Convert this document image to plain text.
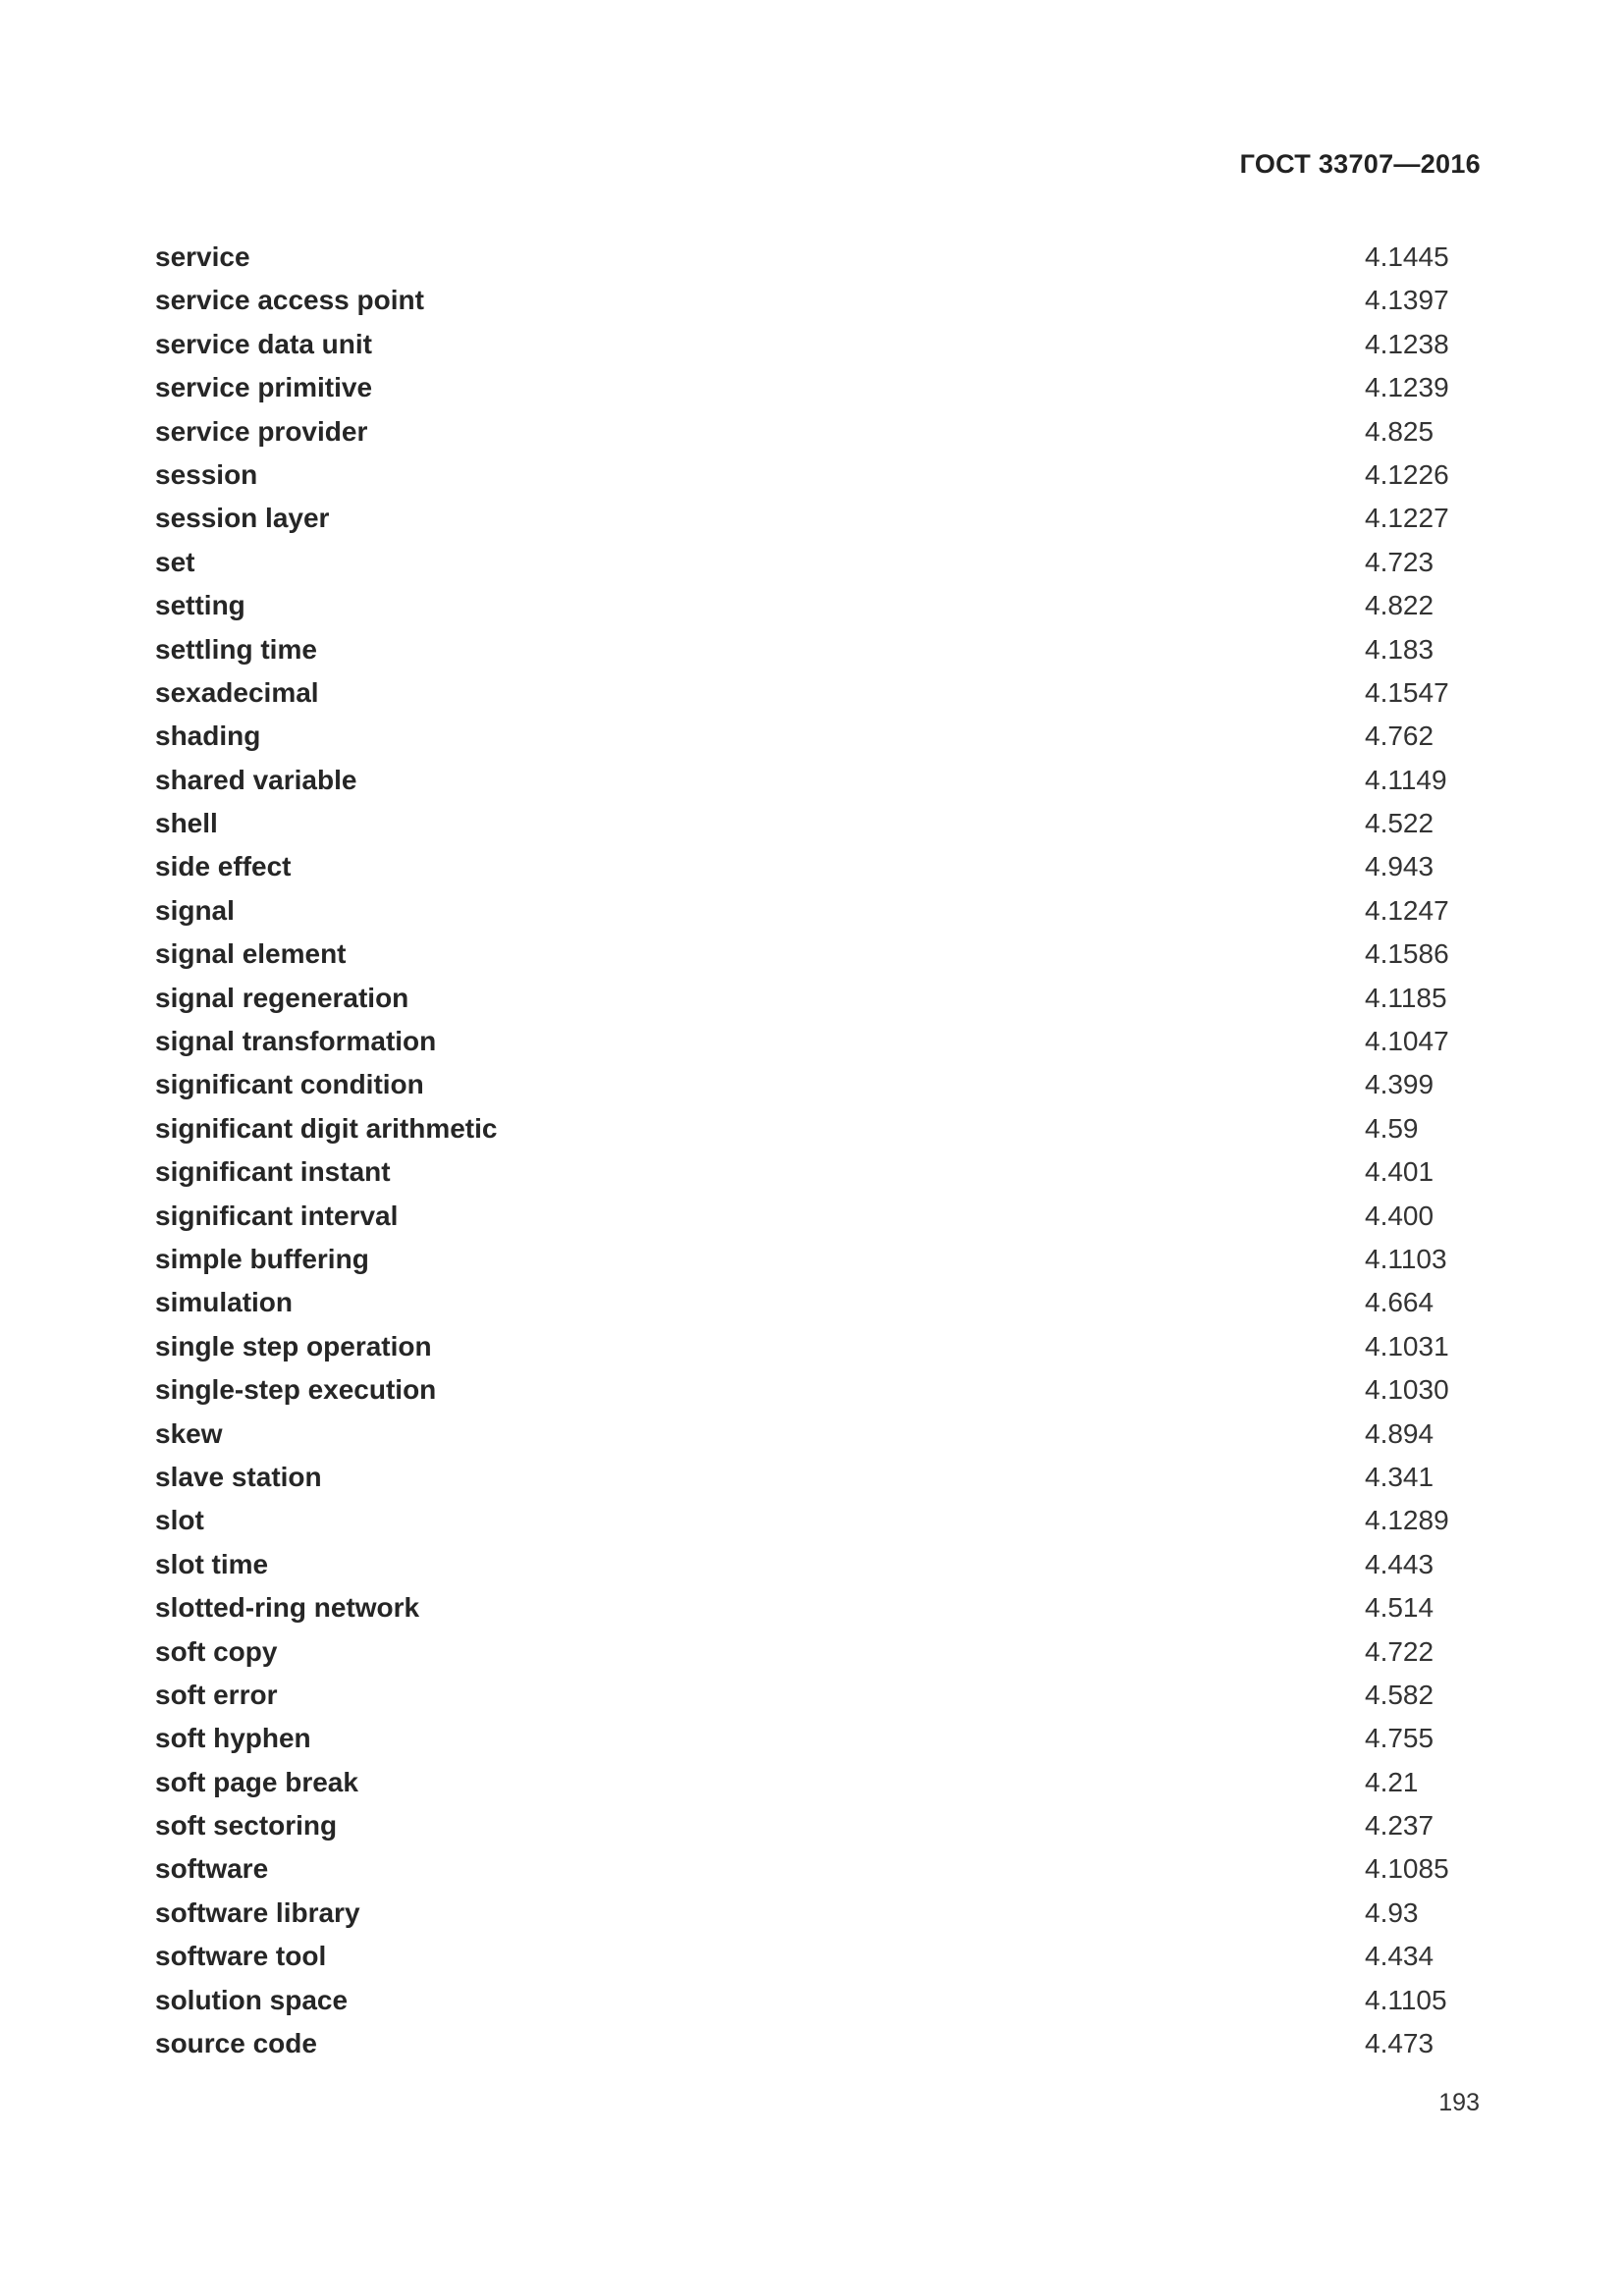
ГОСТ 33707—2016
service	4.1445
service access point	4.1397
service data unit	4.1238
service primitive	4.1239
service provider	4.825
session	4.1226
session layer	4.1227
set	4.723
setting	4.822
settling time	4.183
sexadecimal	4.1547
shading	4.762
shared variable	4.1149
shell	4.522
side effect	4.943
signal	4.1247
signal element	4.1586
signal regeneration	4.1185
signal transformation	4.1047
significant condition	4.399
significant digit arithmetic	4.59
significant instant	4.401
significant interval	4.400
simple buffering	4.1103
simulation	4.664
single step operation	4.1031
single-step execution	4.1030
skew	4.894
slave station	4.341
slot	4.1289
slot time	4.443
slotted-ring network	4.514
soft copy	4.722
soft error	4.582
soft hyphen	4.755
soft page break	4.21
soft sectoring	4.237
software	4.1085
software library	4.93
software tool	4.434
solution space	4.1105
source code	4.473
193
